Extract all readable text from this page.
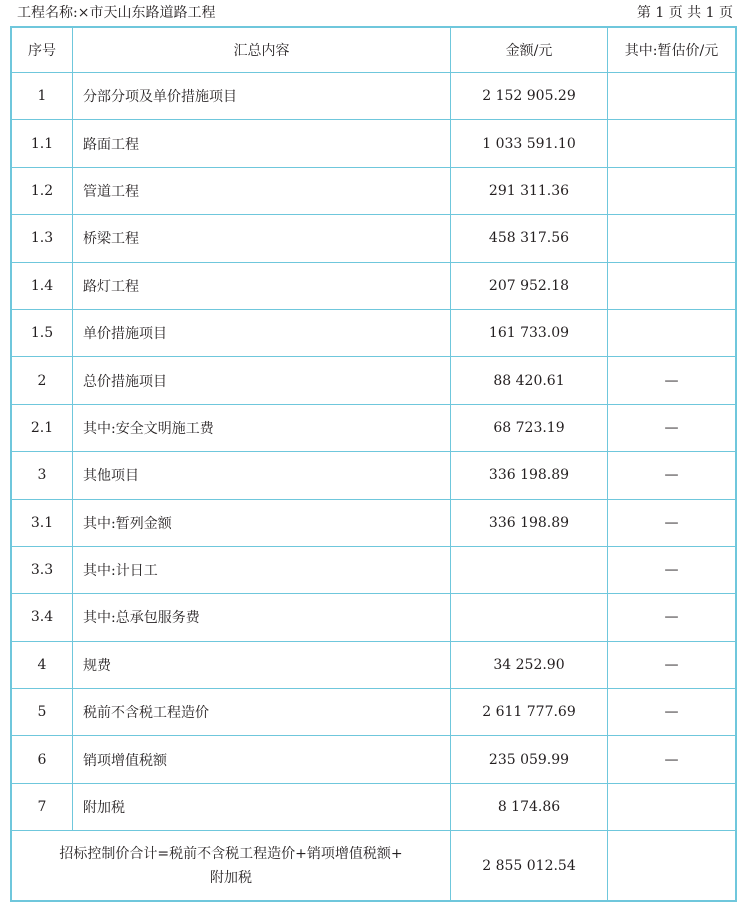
工程名称:×市天山东路道路工程	第 1 页 共 1 页
序号	汇总内容	金额/元	其中:暂估价/元
1	分部分项及单价措施项目	2 152 905.29	
1.1	路面工程	1 033 591.10	
1.2	管道工程	291 311.36	
1.3	桥梁工程	458 317.56	
1.4	路灯工程	207 952.18	
1.5	单价措施项目	161 733.09	
2	总价措施项目	88 420.61	—
2.1	其中:安全文明施工费	68 723.19	—
3	其他项目	336 198.89	—
3.1	其中:暂列金额	336 198.89	—
3.3	其中:计日工		—
3.4	其中:总承包服务费		—
4	规费	34 252.90	—
5	税前不含税工程造价	2 611 777.69	—
6	销项增值税额	235 059.99	—
7	附加税	8 174.86	

招标控制价合计=税前不含税工程造价+销项增值税额+
附加税		2 855 012.54	
